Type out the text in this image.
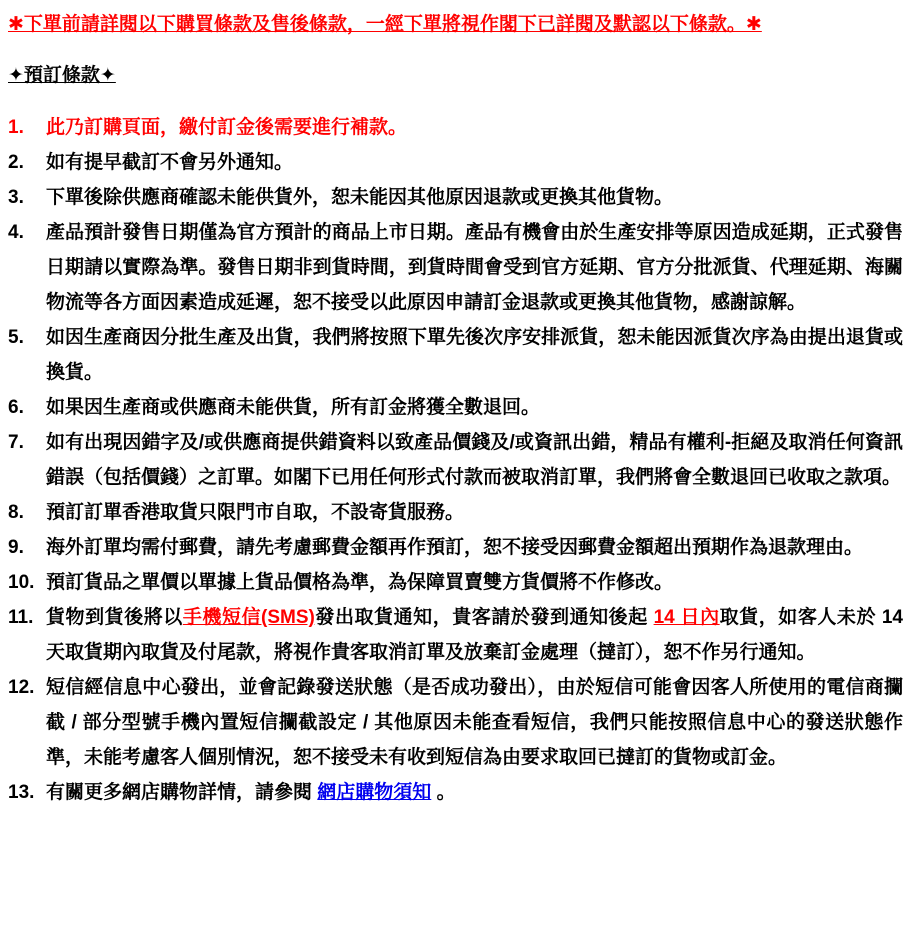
✱下單前請詳閱以下購買條款及售後條款，一經下單將視作閣下已詳閱及默認以下條款。✱
✦預訂條款✦
1.	此乃訂購頁面，繳付訂金後需要進行補款。
2.	如有提早截訂不會另外通知。
3.	下單後除供應商確認未能供貨外，恕未能因其他原因退款或更換其他貨物。
4.	產品預計發售日期僅為官方預計的商品上市日期。產品有機會由於生產安排等原因造成延期，正式發售日期請以實際為準。發售日期非到貨時間，到貨時間會受到官方延期、官方分批派貨、代理延期、海關物流等各方面因素造成延遲，恕不接受以此原因申請訂金退款或更換其他貨物，感謝諒解。
5.	如因生產商因分批生產及出貨，我們將按照下單先後次序安排派貨，恕未能因派貨次序為由提出退貨或換貨。
6.	如果因生產商或供應商未能供貨，所有訂金將獲全數退回。
7.	如有出現因錯字及/或供應商提供錯資料以致產品價錢及/或資訊出錯，精品有權利-拒絕及取消任何資訊錯誤（包括價錢）之訂單。如閣下已用任何形式付款而被取消訂單，我們將會全數退回已收取之款項。
8.	預訂訂單香港取貨只限門市自取，不設寄貨服務。
9.	海外訂單均需付郵費，請先考慮郵費金額再作預訂，恕不接受因郵費金額超出預期作為退款理由。
10. 預訂貨品之單價以單據上貨品價格為準，為保障買賣雙方貨價將不作修改。
11. 貨物到貨後將以手機短信(SMS)發出取貨通知，貴客請於發到通知後起 14 日內取貨，如客人未於 14 天取貨期內取貨及付尾款，將視作貴客取消訂單及放棄訂金處理（撻訂），恕不作另行通知。
12. 短信經信息中心發出，並會記錄發送狀態（是否成功發出），由於短信可能會因客人所使用的電信商攔截 / 部分型號手機內置短信攔截設定 / 其他原因未能查看短信，我們只能按照信息中心的發送狀態作準，未能考慮客人個別情況，恕不接受未有收到短信為由要求取回已撻訂的貨物或訂金。
13. 有關更多網店購物詳情，請參閱 網店購物須知 。
